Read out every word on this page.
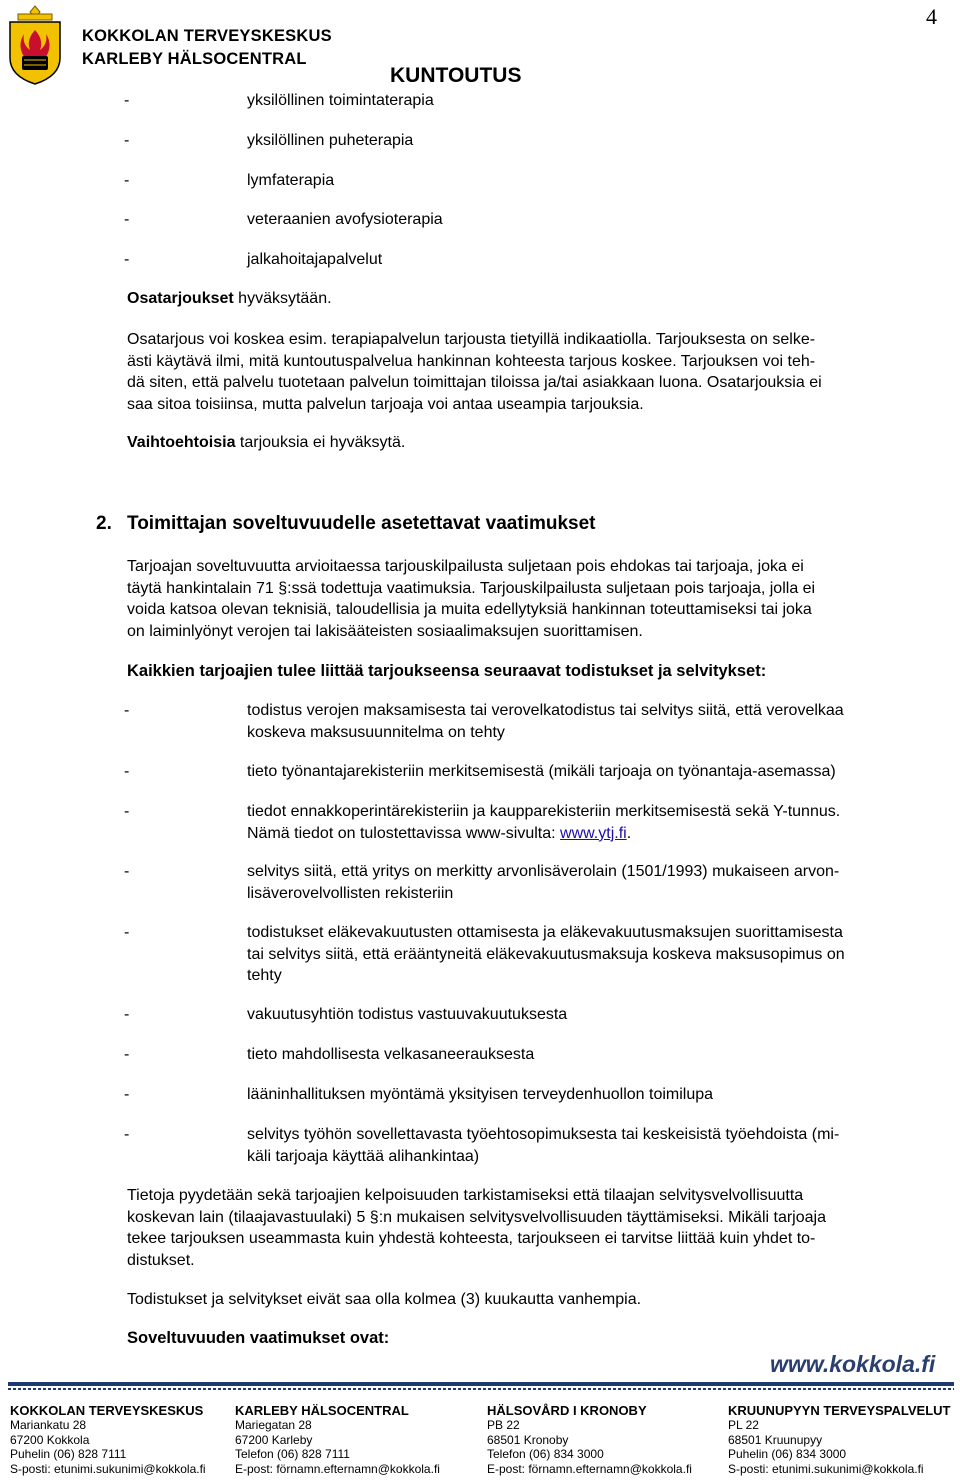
KOKKOLAN TERVEYSKESKUS
KARLEBY HÄLSOCENTRAL
4
KUNTOUTUS
-	yksilöllinen toimintaterapia
-	yksilöllinen puheterapia
-	lymfaterapia
-	veteraanien avofysioterapia
-	jalkahoitajapalvelut
Osatarjoukset hyväksytään.
Osatarjous voi koskea esim. terapiapalvelun tarjousta tietyillä indikaatiolla. Tarjouksesta on selke-
ästi käytävä ilmi, mitä kuntoutuspalvelua hankinnan kohteesta tarjous koskee. Tarjouksen voi teh-
dä siten, että palvelu tuotetaan palvelun toimittajan tiloissa ja/tai asiakkaan luona. Osatarjouksia ei
saa sitoa toisiinsa, mutta palvelun tarjoaja voi antaa useampia tarjouksia.
Vaihtoehtoisia tarjouksia ei hyväksytä.
2. Toimittajan soveltuvuudelle asetettavat vaatimukset
Tarjoajan soveltuvuutta arvioitaessa tarjouskilpailusta suljetaan pois ehdokas tai tarjoaja, joka ei
täytä hankintalain 71 §:ssä todettuja vaatimuksia. Tarjouskilpailusta suljetaan pois tarjoaja, jolla ei
voida katsoa olevan teknisiä, taloudellisia ja muita edellytyksiä hankinnan toteuttamiseksi tai joka
on laiminlyönyt verojen tai lakisääteisten sosiaalimaksujen suorittamisen.
Kaikkien tarjoajien tulee liittää tarjoukseensa seuraavat todistukset ja selvitykset:
-	todistus verojen maksamisesta tai verovelkatodistus tai selvitys siitä, että verovelkaa
koskeva maksusuunnitelma on tehty
-	tieto työnantajarekisteriin merkitsemisestä (mikäli tarjoaja on työnantaja-asemassa)
-	tiedot ennakkoperintärekisteriin ja kaupparekisteriin merkitsemisestä sekä Y-tunnus.
Nämä tiedot on tulostettavissa www-sivulta: www.ytj.fi.
-	selvitys siitä, että yritys on merkitty arvonlisäverolain (1501/1993) mukaiseen arvon-
lisäverovelvollisten rekisteriin
-	todistukset eläkevakuutusten ottamisesta ja eläkevakuutusmaksujen suorittamisesta
tai selvitys siitä, että erääntyneitä eläkevakuutusmaksuja koskeva maksusopimus on
tehty
-	vakuutusyhtiön todistus vastuuvakuutuksesta
-	tieto mahdollisesta velkasaneerauksesta
-	lääninhallituksen myöntämä yksityisen terveydenhuollon toimilupa
-	selvitys työhön sovellettavasta työehtosopimuksesta tai keskeisistä työehdoista (mi-
käli tarjoaja käyttää alihankintaa)
Tietoja pyydetään sekä tarjoajien kelpoisuuden tarkistamiseksi että tilaajan selvitysvelvollisuutta
koskevan lain (tilaajavastuulaki) 5 §:n mukaisen selvitysvelvollisuuden täyttämiseksi. Mikäli tarjoaja
tekee tarjouksen useammasta kuin yhdestä kohteesta, tarjoukseen ei tarvitse liittää kuin yhdet to-
distukset.
Todistukset ja selvitykset eivät saa olla kolmea (3) kuukautta vanhempia.
Soveltuvuuden vaatimukset ovat:
www.kokkola.fi
KOKKOLAN TERVEYSKESKUS
Mariankatu 28
67200 Kokkola
Puhelin (06) 828 7111
S-posti: etunimi.sukunimi@kokkola.fi
KARLEBY HÄLSOCENTRAL
Mariegatan 28
67200 Karleby
Telefon (06) 828 7111
E-post: förnamn.efternamn@kokkola.fi
HÄLSOVÅRD I KRONOBY
PB 22
68501 Kronoby
Telefon (06) 834 3000
E-post: förnamn.efternamn@kokkola.fi
KRUUNUPYYN TERVEYSPALVELUT
PL 22
68501 Kruunupyy
Puhelin (06) 834 3000
S-posti: etunimi.sukunimi@kokkola.fi
